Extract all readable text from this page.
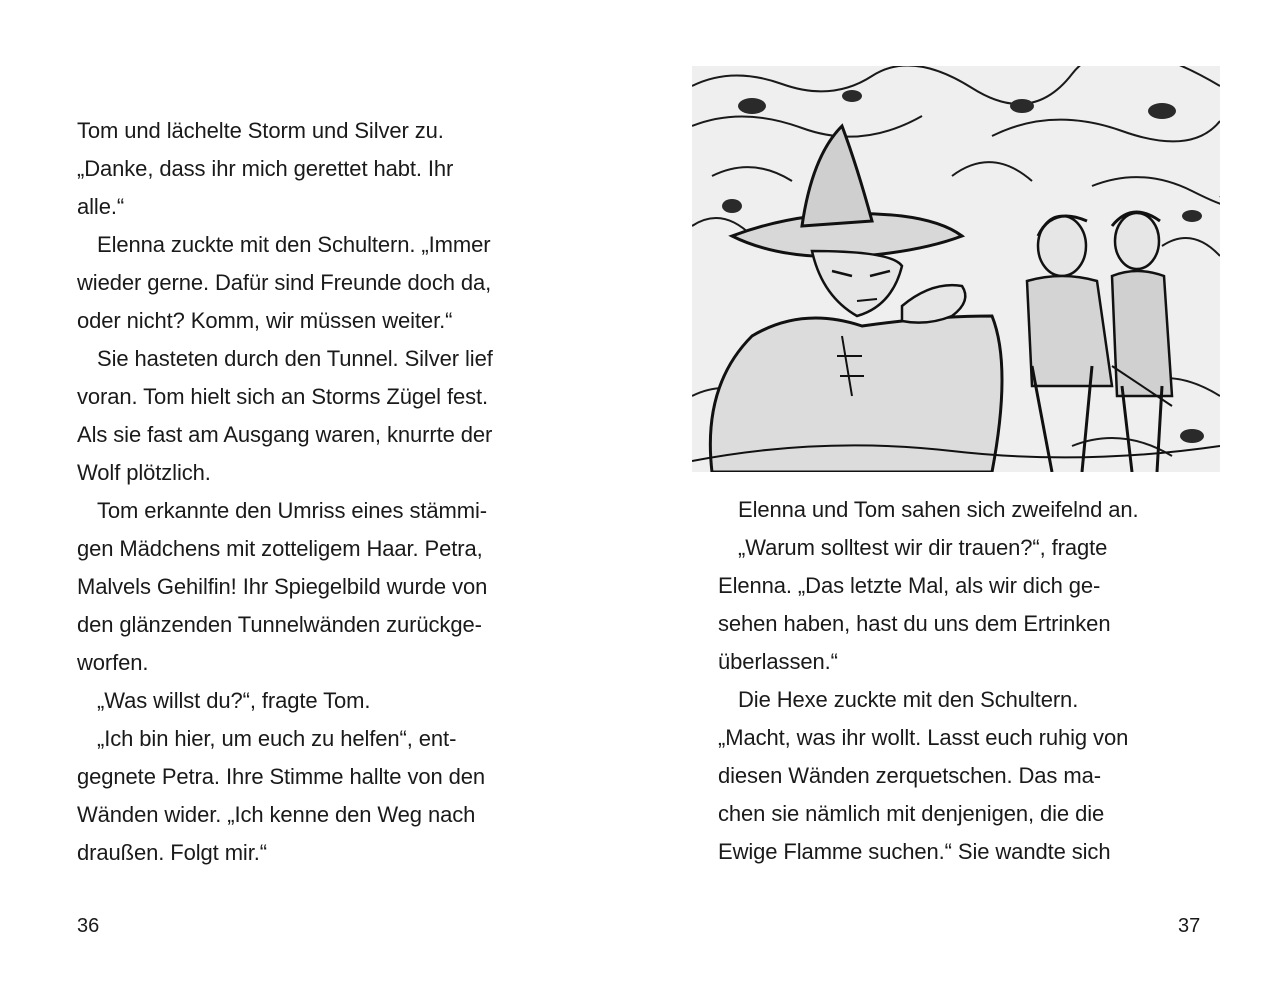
Tom und lächelte Storm und Silver zu.
„Danke, dass ihr mich gerettet habt. Ihr
alle.“
Elenna zuckte mit den Schultern. „Immer
wieder gerne. Dafür sind Freunde doch da,
oder nicht? Komm, wir müssen weiter.“
Sie hasteten durch den Tunnel. Silver lief
voran. Tom hielt sich an Storms Zügel fest.
Als sie fast am Ausgang waren, knurrte der
Wolf plötzlich.
Tom erkannte den Umriss eines stämmi-
gen Mädchens mit zotteligem Haar. Petra,
Malvels Gehilfin! Ihr Spiegelbild wurde von
den glänzenden Tunnelwänden zurückge-
worfen.
„Was willst du?“, fragte Tom.
„Ich bin hier, um euch zu helfen“, ent-
gegnete Petra. Ihre Stimme hallte von den
Wänden wider. „Ich kenne den Weg nach
draußen. Folgt mir.“
36
Elenna und Tom sahen sich zweifelnd an.
„Warum solltest wir dir trauen?“, fragte
Elenna. „Das letzte Mal, als wir dich ge-
sehen haben, hast du uns dem Ertrinken
überlassen.“
Die Hexe zuckte mit den Schultern.
„Macht, was ihr wollt. Lasst euch ruhig von
diesen Wänden zerquetschen. Das ma-
chen sie nämlich mit denjenigen, die die
Ewige Flamme suchen.“ Sie wandte sich
37
